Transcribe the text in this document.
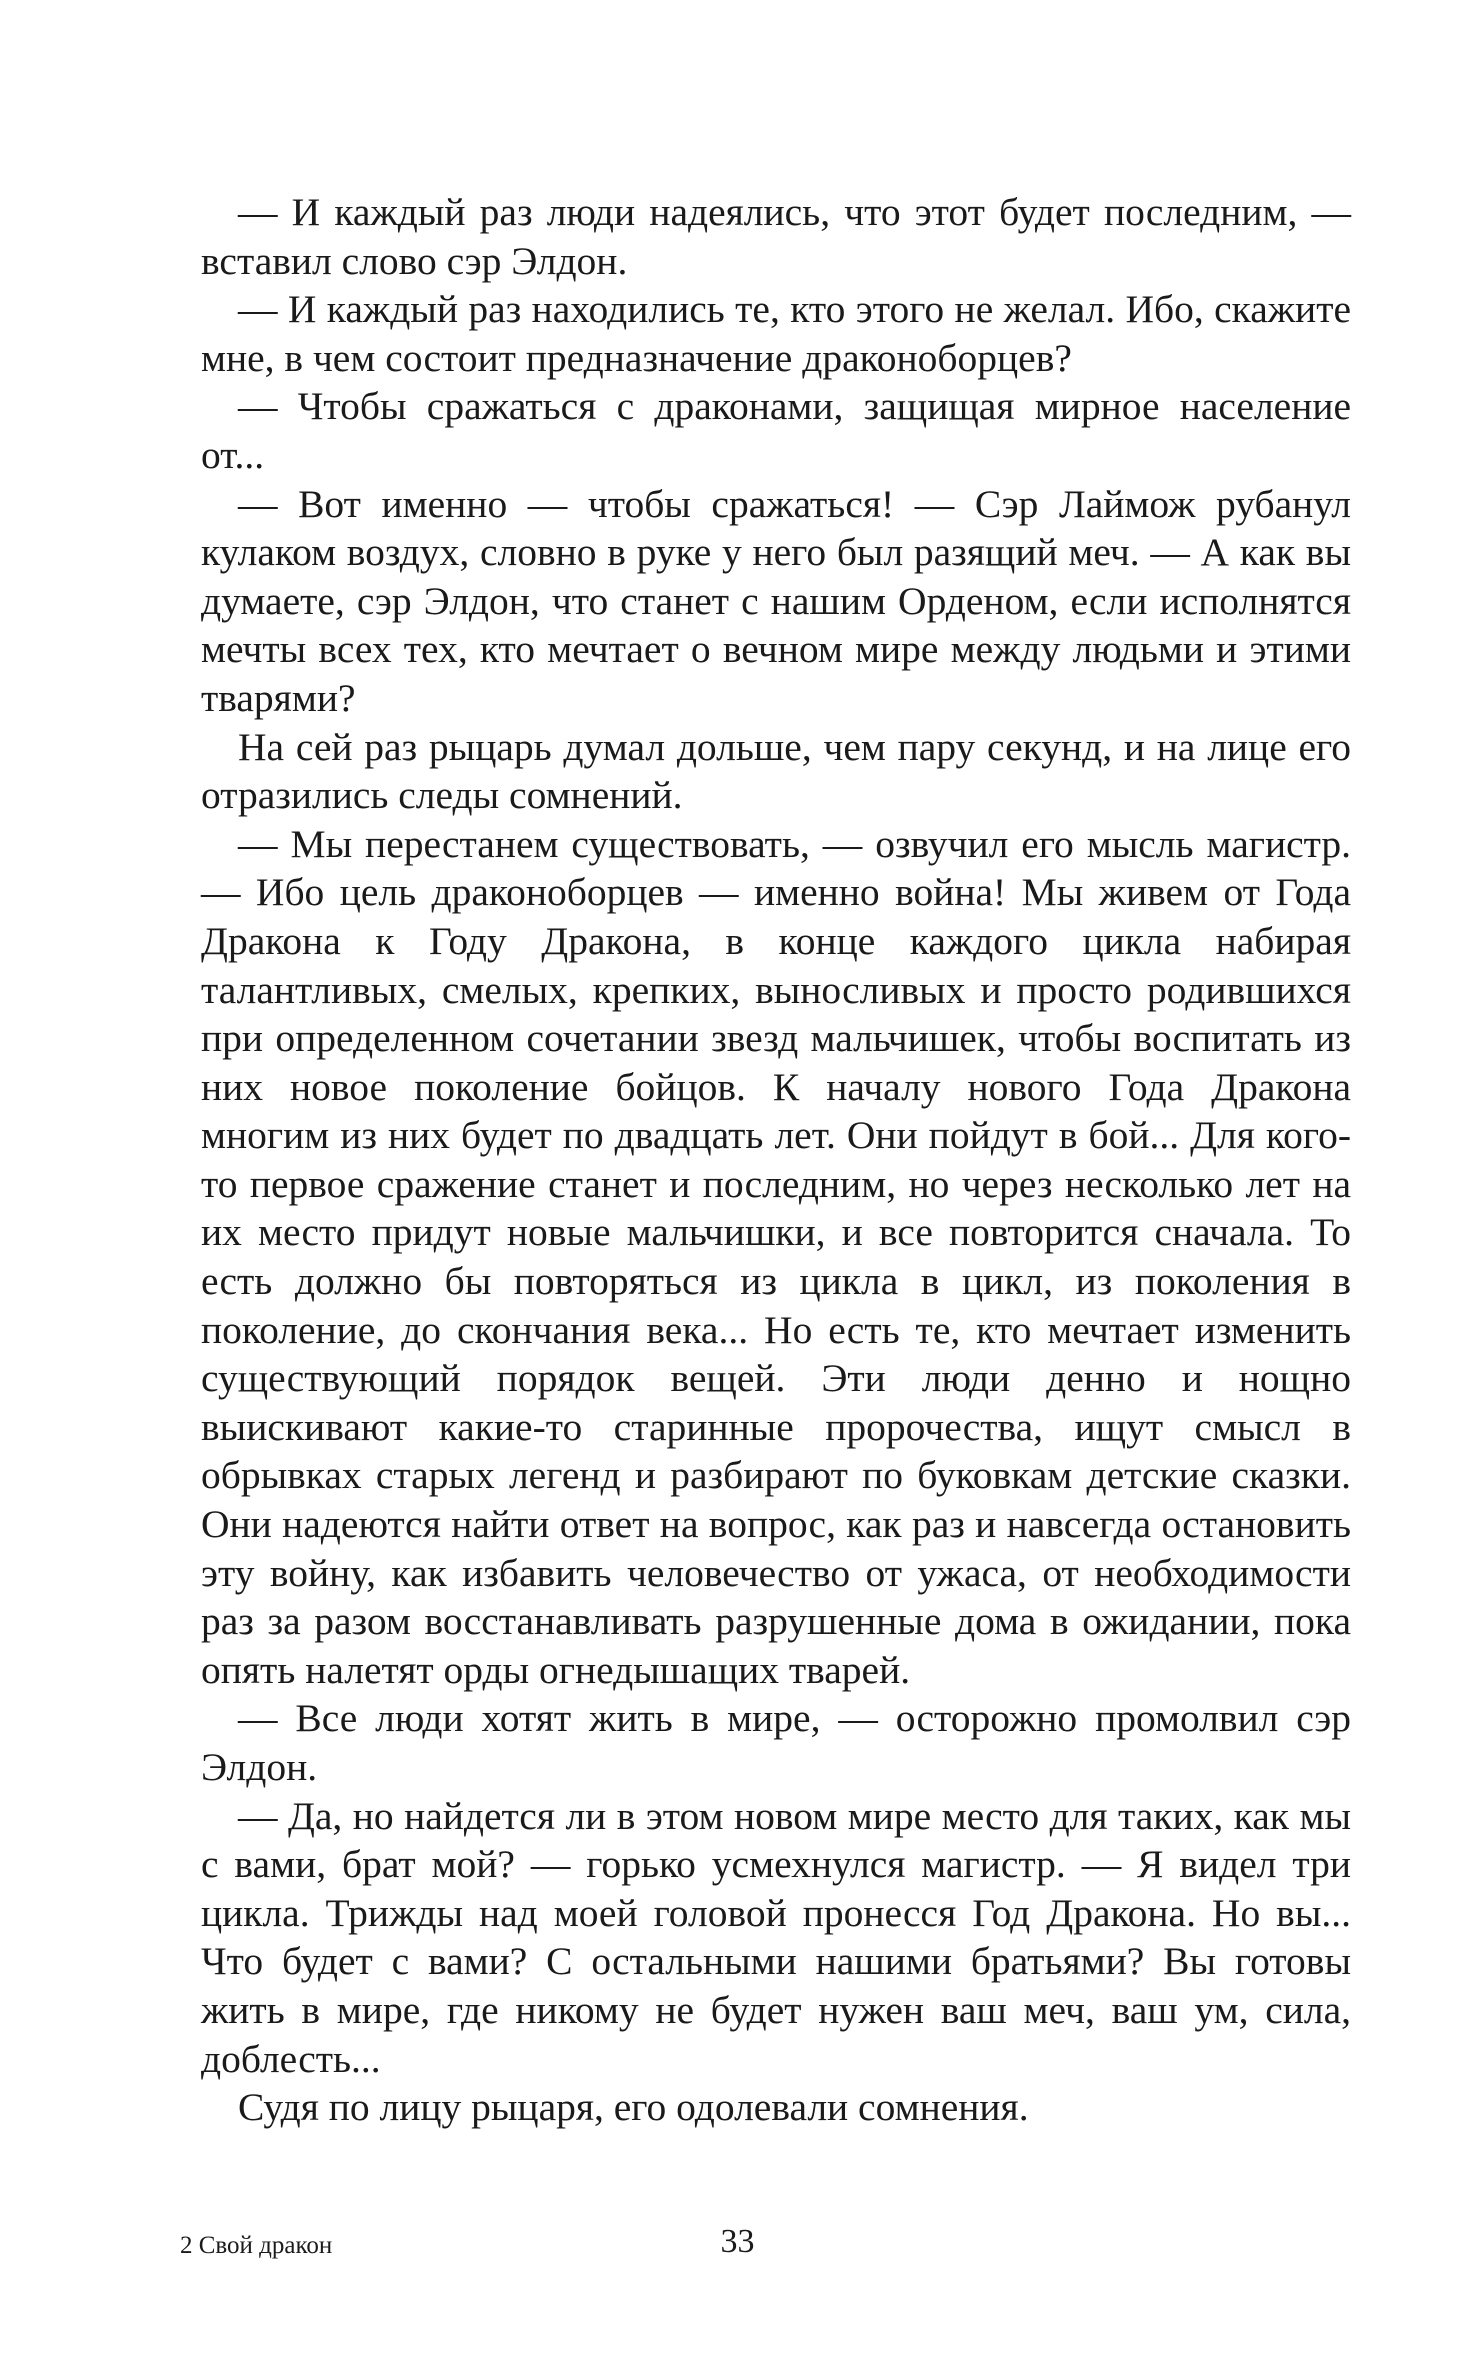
— И каждый раз люди надеялись, что этот будет последним, — вставил слово сэр Элдон.

— И каждый раз находились те, кто этого не желал. Ибо, скажите мне, в чем состоит предназначение драконоборцев?

— Чтобы сражаться с драконами, защищая мирное население от...

— Вот именно — чтобы сражаться! — Сэр Лаймож рубанул кулаком воздух, словно в руке у него был разящий меч. — А как вы думаете, сэр Элдон, что станет с нашим Орденом, если исполнятся мечты всех тех, кто мечтает о вечном мире между людьми и этими тварями?

На сей раз рыцарь думал дольше, чем пару секунд, и на лице его отразились следы сомнений.

— Мы перестанем существовать, — озвучил его мысль магистр. — Ибо цель драконоборцев — именно война! Мы живем от Года Дракона к Году Дракона, в конце каждого цикла набирая талантливых, смелых, крепких, выносливых и просто родившихся при определенном сочетании звезд мальчишек, чтобы воспитать из них новое поколение бойцов. К началу нового Года Дракона многим из них будет по двадцать лет. Они пойдут в бой... Для кого-то первое сражение станет и последним, но через несколько лет на их место придут новые мальчишки, и все повторится сначала. То есть должно бы повторяться из цикла в цикл, из поколения в поколение, до скончания века... Но есть те, кто мечтает изменить существующий порядок вещей. Эти люди денно и нощно выискивают какие-то старинные пророчества, ищут смысл в обрывках старых легенд и разбирают по буковкам детские сказки. Они надеются найти ответ на вопрос, как раз и навсегда остановить эту войну, как избавить человечество от ужаса, от необходимости раз за разом восстанавливать разрушенные дома в ожидании, пока опять налетят орды огнедышащих тварей.

— Все люди хотят жить в мире, — осторожно промолвил сэр Элдон.

— Да, но найдется ли в этом новом мире место для таких, как мы с вами, брат мой? — горько усмехнулся магистр. — Я видел три цикла. Трижды над моей головой пронесся Год Дракона. Но вы... Что будет с вами? С остальными нашими братьями? Вы готовы жить в мире, где никому не будет нужен ваш меч, ваш ум, сила, доблесть...

Судя по лицу рыцаря, его одолевали сомнения.

2 Свой дракон	33
